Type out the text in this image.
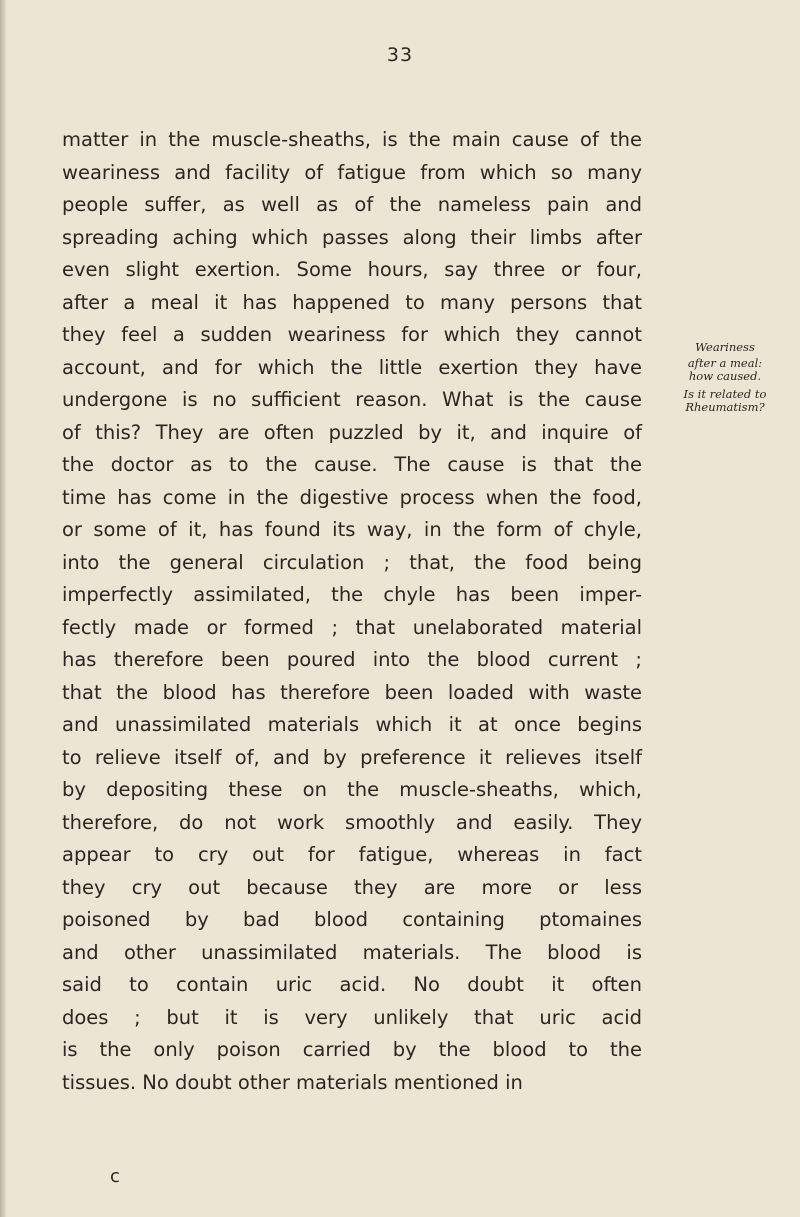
33
matter in the muscle-sheaths, is the main cause of the
weariness and facility of fatigue from which so many
people suffer, as well as of the nameless pain and
spreading aching which passes along their limbs after
even slight exertion. Some hours, say three or four,
after a meal it has happened to many persons that
they feel a sudden weariness for which they cannot
account, and for which the little exertion they have
undergone is no sufficient reason. What is the cause
of this? They are often puzzled by it, and inquire of
the doctor as to the cause. The cause is that the
time has come in the digestive process when the food,
or some of it, has found its way, in the form of chyle,
into the general circulation ; that, the food being
imperfectly assimilated, the chyle has been imper-
fectly made or formed ; that unelaborated material
has therefore been poured into the blood current ;
that the blood has therefore been loaded with waste
and unassimilated materials which it at once begins
to relieve itself of, and by preference it relieves itself
by depositing these on the muscle-sheaths, which,
therefore, do not work smoothly and easily. They
appear to cry out for fatigue, whereas in fact
they cry out because they are more or less
poisoned by bad blood containing ptomaines
and other unassimilated materials. The blood is
said to contain uric acid. No doubt it often
does ; but it is very unlikely that uric acid
is the only poison carried by the blood to the
tissues. No doubt other materials mentioned in
Weariness
after a meal:
how caused.
Is it related to
Rheumatism?
c
